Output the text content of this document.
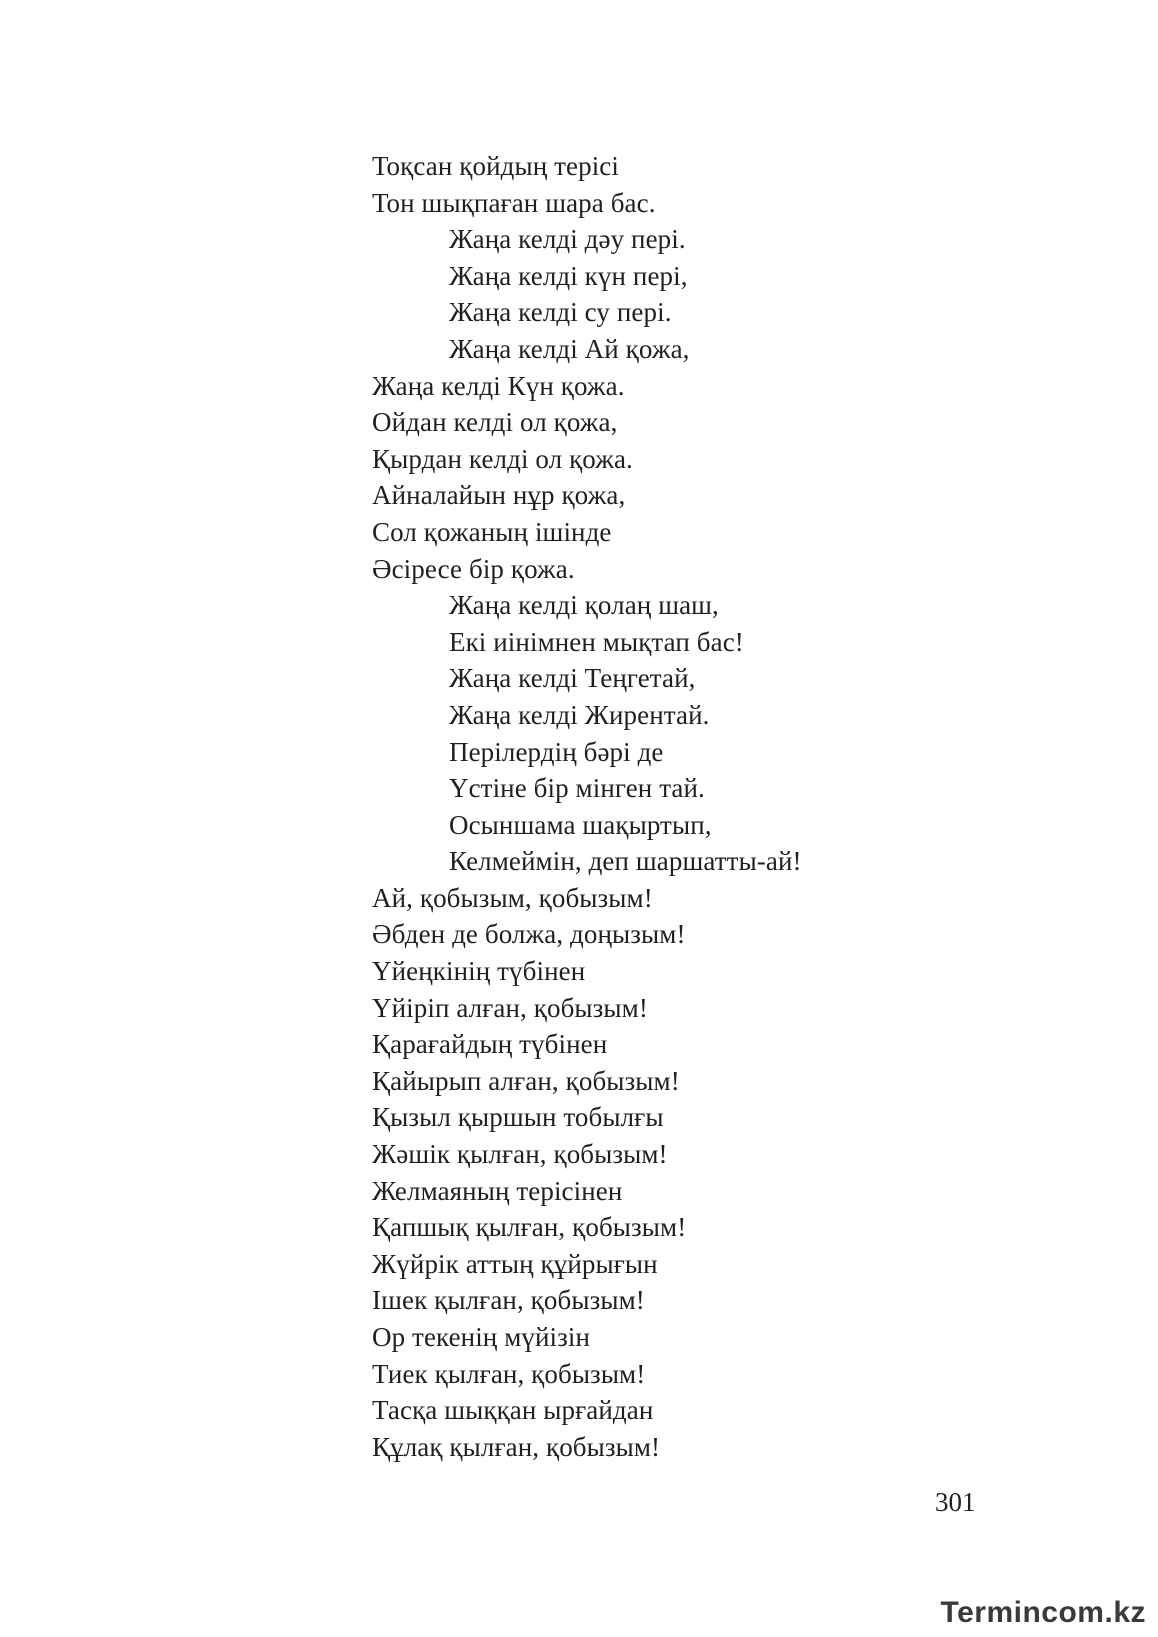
Тоқсан қойдың терісі
Тон шықпаған шара бас.
Жаңа келді дәу пері.
Жаңа келді күн пері,
Жаңа келді су пері.
Жаңа келді Ай қожа,
Жаңа келді Күн қожа.
Ойдан келді ол қожа,
Қырдан келді ол қожа.
Айналайын нұр қожа,
Сол қожаның ішінде
Әсіресе бір қожа.
Жаңа келді қолаң шаш,
Екі иінімнен мықтап бас!
Жаңа келді Теңгетай,
Жаңа келді Жирентай.
Перілердің бәрі де
Үстіне бір мінген тай.
Осыншама шақыртып,
Келмеймін, деп шаршатты-ай!
Ай, қобызым, қобызым!
Әбден де болжа, доңызым!
Үйеңкінің түбінен
Үйіріп алған, қобызым!
Қарағайдың түбінен
Қайырып алған, қобызым!
Қызыл қыршын тобылғы
Жәшік қылған, қобызым!
Желмаяның терісінен
Қапшық қылған, қобызым!
Жүйрік аттың құйрығын
Ішек қылған, қобызым!
Ор текенің мүйізін
Тиек қылған, қобызым!
Тасқа шыққан ырғайдан
Құлақ қылған, қобызым!
301
Termincom.kz
